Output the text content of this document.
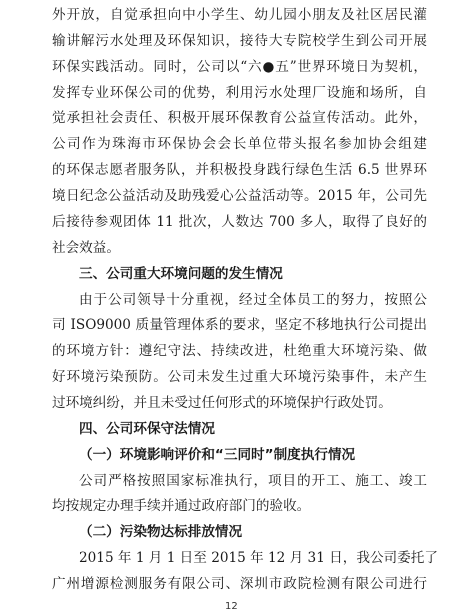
外开放，自觉承担向中小学生、幼儿园小朋友及社区居民灌
输讲解污水处理及环保知识，接待大专院校学生到公司开展
环保实践活动。同时，公司以“六●五”世界环境日为契机，
发挥专业环保公司的优势，利用污水处理厂设施和场所，自
觉承担社会责任、积极开展环保教育公益宣传活动。此外，
公司作为珠海市环保协会会长单位带头报名参加协会组建
的环保志愿者服务队，并积极投身践行绿色生活 6.5 世界环
境日纪念公益活动及助残爱心公益活动等。2015 年，公司先
后接待参观团体 11 批次，人数达 700 多人，取得了良好的
社会效益。
三、公司重大环境问题的发生情况
由于公司领导十分重视，经过全体员工的努力，按照公
司 ISO9000 质量管理体系的要求，坚定不移地执行公司提出
的环境方针：遵纪守法、持续改进，杜绝重大环境污染、做
好环境污染预防。公司未发生过重大环境污染事件，未产生
过环境纠纷，并且未受过任何形式的环境保护行政处罚。
四、公司环保守法情况
（一）环境影响评价和“三同时”制度执行情况
公司严格按照国家标准执行，项目的开工、施工、竣工
均按规定办理手续并通过政府部门的验收。
（二）污染物达标排放情况
2015 年 1 月 1 日至 2015 年 12 月 31 日，我公司委托了
广州增源检测服务有限公司、深圳市政院检测有限公司进行
12
